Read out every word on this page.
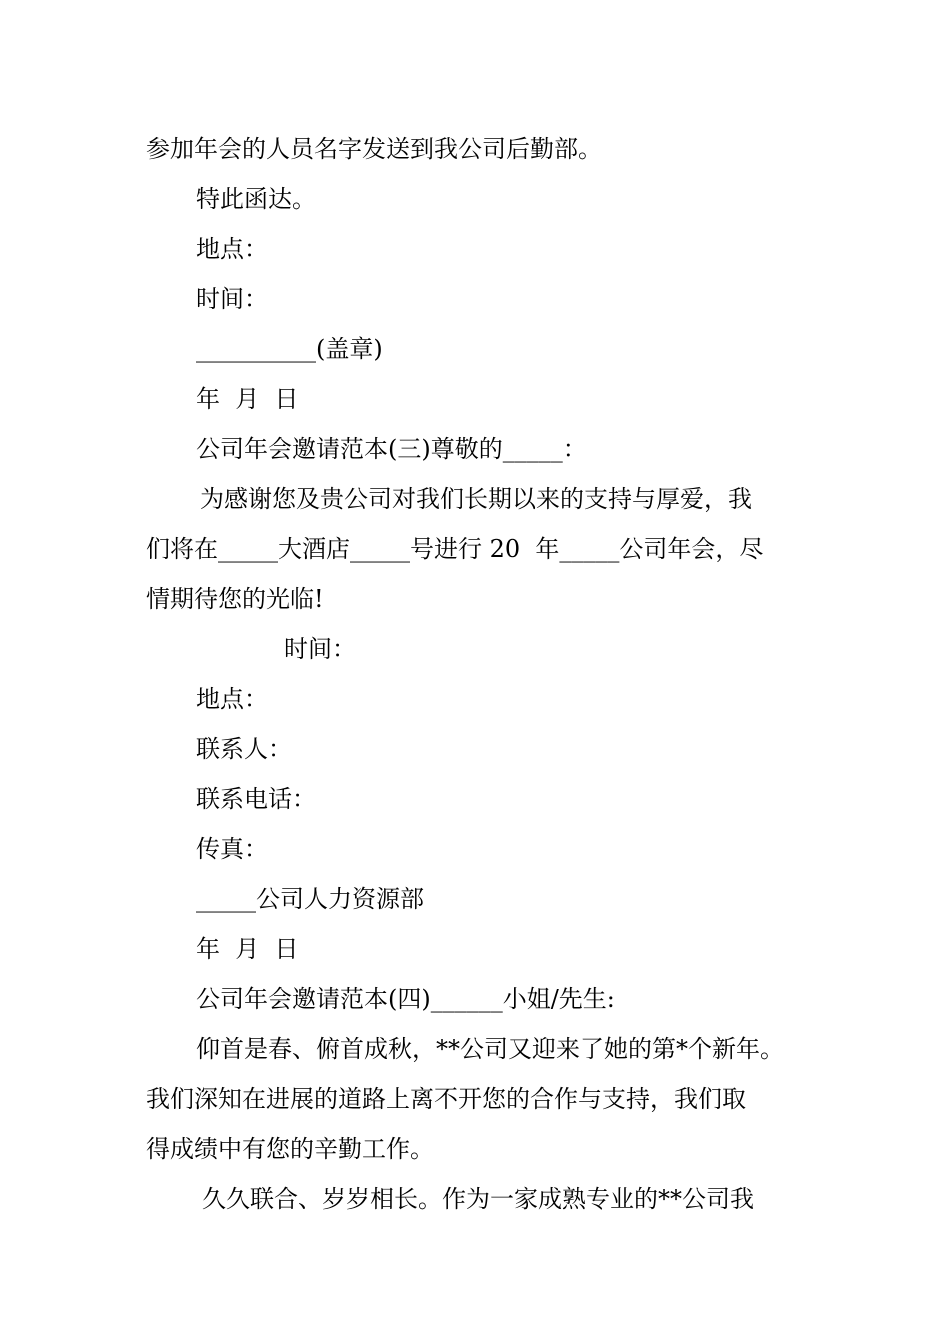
参加年会的人员名字发送到我公司后勤部。
特此函达。
地点：
时间：
__________(盖章)
年  月  日
公司年会邀请范本(三)尊敬的_____：
为感谢您及贵公司对我们长期以来的支持与厚爱，我
们将在_____大酒店_____号进行 20  年_____公司年会，尽
情期待您的光临!
时间：
地点：
联系人：
联系电话：
传真：
_____公司人力资源部
年  月  日
公司年会邀请范本(四)______小姐/先生:
仰首是春、俯首成秋，**公司又迎来了她的第*个新年。
我们深知在进展的道路上离不开您的合作与支持，我们取
得成绩中有您的辛勤工作。
久久联合、岁岁相长。作为一家成熟专业的**公司我
